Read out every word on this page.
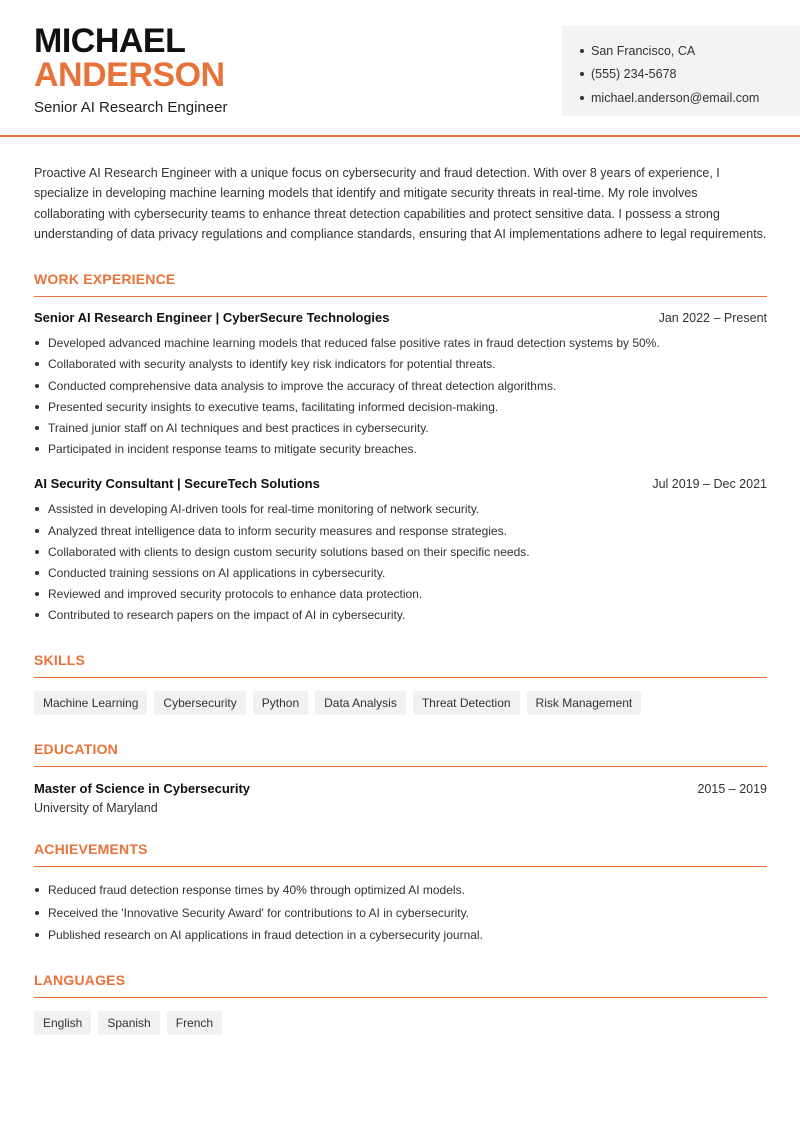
MICHAEL
ANDERSON
Senior AI Research Engineer
San Francisco, CA
(555) 234-5678
michael.anderson@email.com

Proactive AI Research Engineer with a unique focus on cybersecurity and fraud detection. With over 8 years of experience, I specialize in developing machine learning models that identify and mitigate security threats in real-time. My role involves collaborating with cybersecurity teams to enhance threat detection capabilities and protect sensitive data. I possess a strong understanding of data privacy regulations and compliance standards, ensuring that AI implementations adhere to legal requirements.

WORK EXPERIENCE
Senior AI Research Engineer | CyberSecure Technologies	Jan 2022 – Present
Developed advanced machine learning models that reduced false positive rates in fraud detection systems by 50%.
Collaborated with security analysts to identify key risk indicators for potential threats.
Conducted comprehensive data analysis to improve the accuracy of threat detection algorithms.
Presented security insights to executive teams, facilitating informed decision-making.
Trained junior staff on AI techniques and best practices in cybersecurity.
Participated in incident response teams to mitigate security breaches.
AI Security Consultant | SecureTech Solutions	Jul 2019 – Dec 2021
Assisted in developing AI-driven tools for real-time monitoring of network security.
Analyzed threat intelligence data to inform security measures and response strategies.
Collaborated with clients to design custom security solutions based on their specific needs.
Conducted training sessions on AI applications in cybersecurity.
Reviewed and improved security protocols to enhance data protection.
Contributed to research papers on the impact of AI in cybersecurity.
SKILLS
Machine Learning	Cybersecurity	Python	Data Analysis	Threat Detection	Risk Management
EDUCATION
Master of Science in Cybersecurity	2015 – 2019
University of Maryland
ACHIEVEMENTS
Reduced fraud detection response times by 40% through optimized AI models.
Received the 'Innovative Security Award' for contributions to AI in cybersecurity.
Published research on AI applications in fraud detection in a cybersecurity journal.
LANGUAGES
English	Spanish	French
